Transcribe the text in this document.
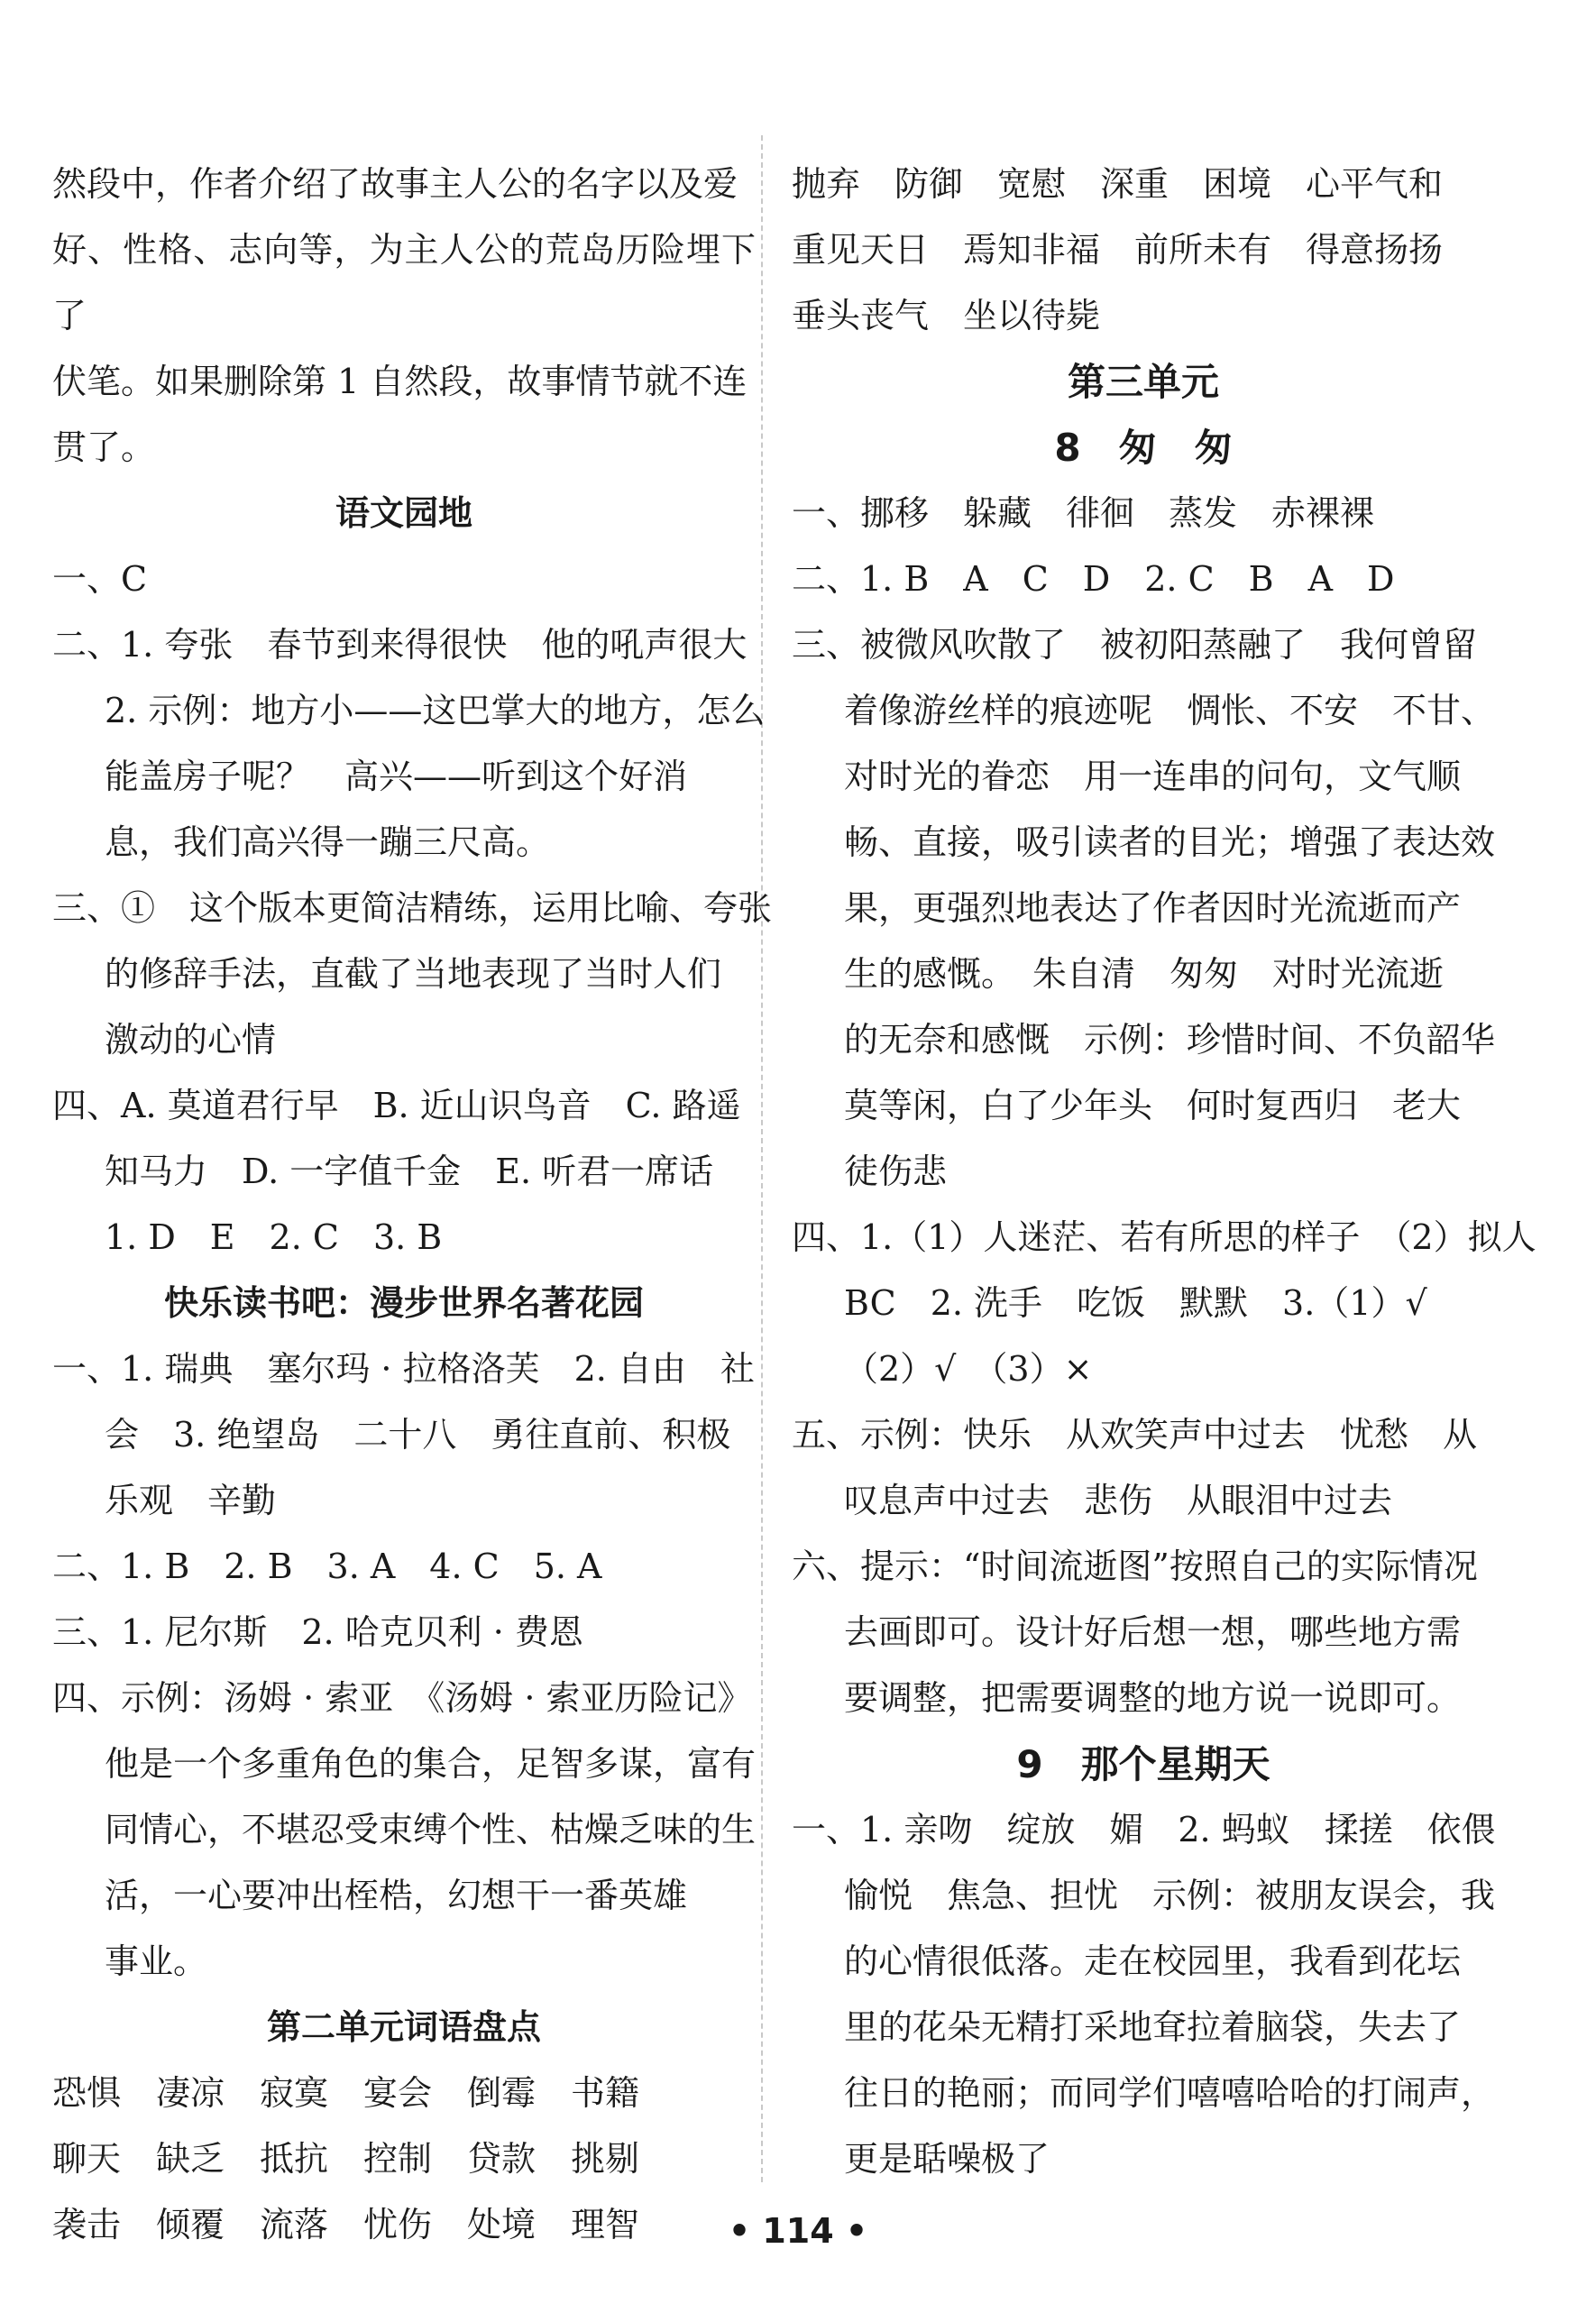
然段中，作者介绍了故事主人公的名字以及爱

好、性格、志向等，为主人公的荒岛历险埋下了

伏笔。如果删除第 1 自然段，故事情节就不连

贯了。

语文园地

一、C

二、1. 夸张　春节到来得很快　他的吼声很大

2. 示例：地方小——这巴掌大的地方，怎么

能盖房子呢？　高兴——听到这个好消

息，我们高兴得一蹦三尺高。

三、①　这个版本更简洁精练，运用比喻、夸张

的修辞手法，直截了当地表现了当时人们

激动的心情

四、A. 莫道君行早　B. 近山识鸟音　C. 路遥

知马力　D. 一字值千金　E. 听君一席话

1. D　E　2. C　3. B

快乐读书吧：漫步世界名著花园

一、1. 瑞典　塞尔玛 · 拉格洛芙　2. 自由　社

会　3. 绝望岛　二十八　勇往直前、积极

乐观　辛勤

二、1. B　2. B　3. A　4. C　5. A

三、1. 尼尔斯　2. 哈克贝利 · 费恩

四、示例：汤姆 · 索亚　《汤姆 · 索亚历险记》

他是一个多重角色的集合，足智多谋，富有

同情心，不堪忍受束缚个性、枯燥乏味的生

活，一心要冲出桎梏，幻想干一番英雄

事业。

第二单元词语盘点

恐惧	凄凉	寂寞	宴会	倒霉	书籍
聊天	缺乏	抵抗	控制	贷款	挑剔
袭击	倾覆	流落	忧伤	处境	理智

抛弃　防御　宽慰　深重　困境　心平气和

重见天日　焉知非福　前所未有　得意扬扬

垂头丧气　坐以待毙

第三单元

8　匆　匆

一、挪移　躲藏　徘徊　蒸发　赤裸裸

二、1. B　A　C　D　2. C　B　A　D

三、被微风吹散了　被初阳蒸融了　我何曾留

着像游丝样的痕迹呢　惆怅、不安　不甘、

对时光的眷恋　用一连串的问句，文气顺

畅、直接，吸引读者的目光；增强了表达效

果，更强烈地表达了作者因时光流逝而产

生的感慨。　朱自清　匆匆　对时光流逝

的无奈和感慨　示例：珍惜时间、不负韶华

莫等闲，白了少年头　何时复西归　老大

徒伤悲

四、1.（1）人迷茫、若有所思的样子　（2）拟人

BC　2. 洗手　吃饭　默默　3.（1）√

（2）√　（3）×

五、示例：快乐　从欢笑声中过去　忧愁　从

叹息声中过去　悲伤　从眼泪中过去

六、提示：“时间流逝图”按照自己的实际情况

去画即可。设计好后想一想，哪些地方需

要调整，把需要调整的地方说一说即可。

9　那个星期天

一、1. 亲吻　绽放　媚　2. 蚂蚁　揉搓　依偎

愉悦　焦急、担忧　示例：被朋友误会，我

的心情很低落。走在校园里，我看到花坛

里的花朵无精打采地耷拉着脑袋，失去了

往日的艳丽；而同学们嘻嘻哈哈的打闹声，

更是聒噪极了

• 114 •
